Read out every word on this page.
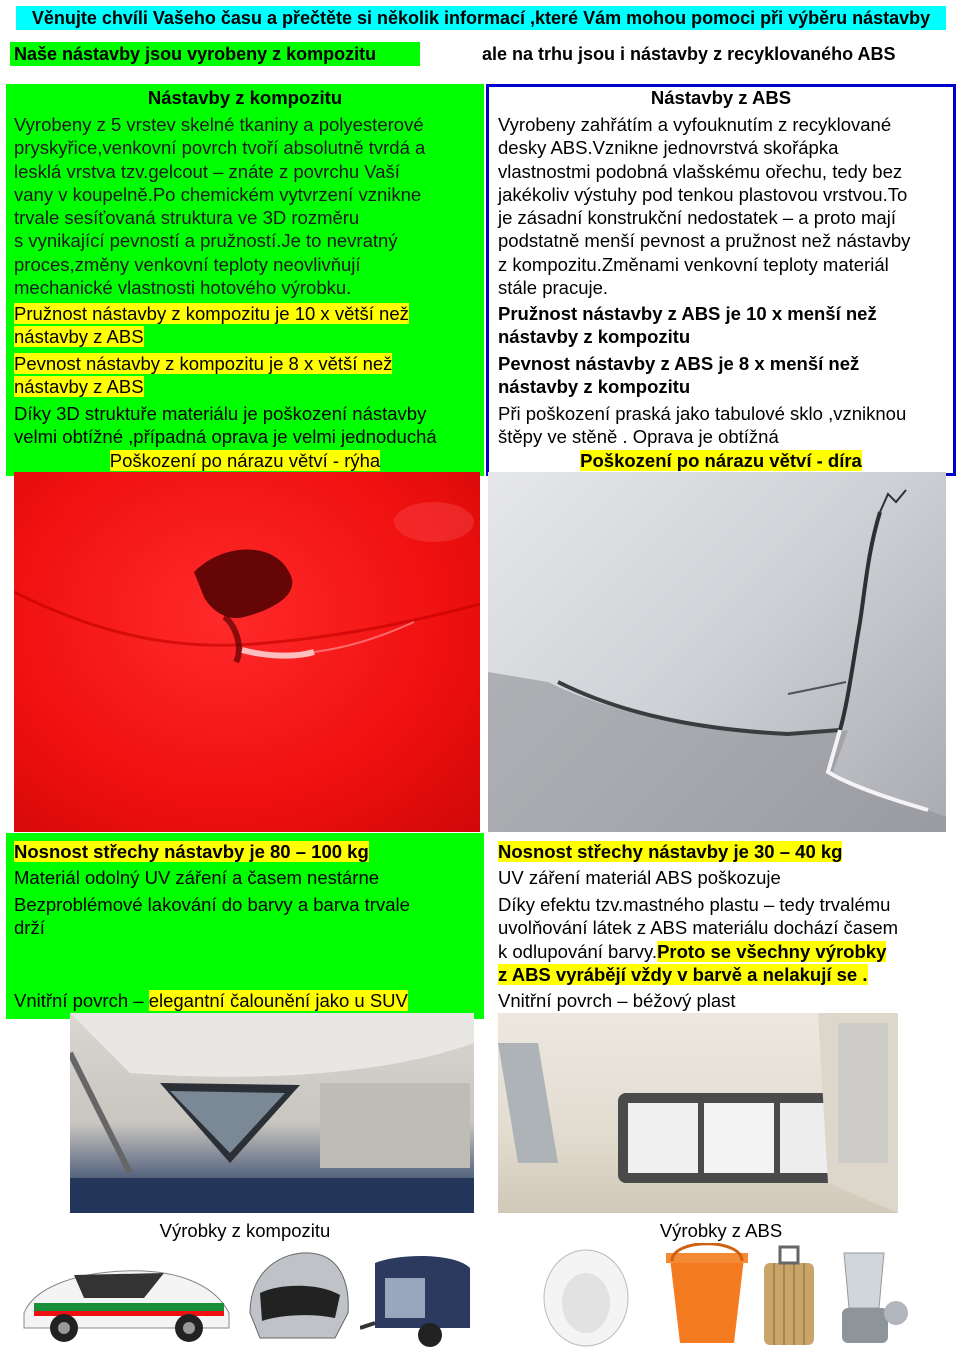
Věnujte chvíli Vašeho času a přečtěte si několik informací ,které Vám mohou pomoci při výběru nástavby
Naše nástavby jsou vyrobeny z kompozitu	ale na trhu jsou i nástavby z recyklovaného ABS
Nástavby z kompozitu
Vyrobeny z 5 vrstev skelné tkaniny a polyesterové
pryskyřice,venkovní povrch tvoří absolutně tvrdá a
lesklá vrstva tzv.gelcout – znáte z povrchu Vaší
vany v koupelně.Po chemickém vytvrzení vznikne
trvale sesíťovaná struktura ve 3D rozměru
s vynikající pevností a pružností.Je to nevratný
proces,změny venkovní teploty neovlivňují
mechanické vlastnosti hotového výrobku.
Pružnost nástavby z kompozitu je 10 x větší než
nástavby z ABS
Pevnost nástavby z kompozitu je 8 x větší než
nástavby z ABS
Díky 3D struktuře materiálu je poškození nástavby
velmi obtížné ,případná oprava je velmi jednoduchá
Poškození po nárazu větví - rýha
Nástavby z ABS
Vyrobeny zahřátím a vyfouknutím z recyklované
desky ABS.Vznikne jednovrstvá skořápka
vlastnostmi podobná vlašskému ořechu, tedy bez
jakékoliv výstuhy pod tenkou plastovou vrstvou.To
je zásadní konstrukční nedostatek – a proto mají
podstatně menší pevnost a pružnost než nástavby
z kompozitu.Změnami venkovní teploty materiál
stále pracuje.
Pružnost nástavby z ABS je 10 x menší než
nástavby z kompozitu
Pevnost nástavby z ABS je 8 x menší než
nástavby z kompozitu
Při poškození praská jako tabulové sklo ,vzniknou
štěpy ve stěně . Oprava je obtížná
Poškození po nárazu větví - díra
Nosnost střechy nástavby je 80 – 100 kg
Materiál odolný UV záření a časem nestárne
Bezproblémové lakování do barvy a barva trvale
drží
Vnitřní povrch – elegantní čalounění jako u SUV
Nosnost střechy nástavby je 30 – 40 kg
UV záření materiál ABS poškozuje
Díky efektu tzv.mastného plastu – tedy trvalému
uvolňování látek z ABS materiálu dochází časem
k odlupování barvy.Proto se všechny výrobky
z ABS vyrábějí vždy v barvě a nelakují se .
Vnitřní povrch – béžový plast
Výrobky z kompozitu	Výrobky z ABS
